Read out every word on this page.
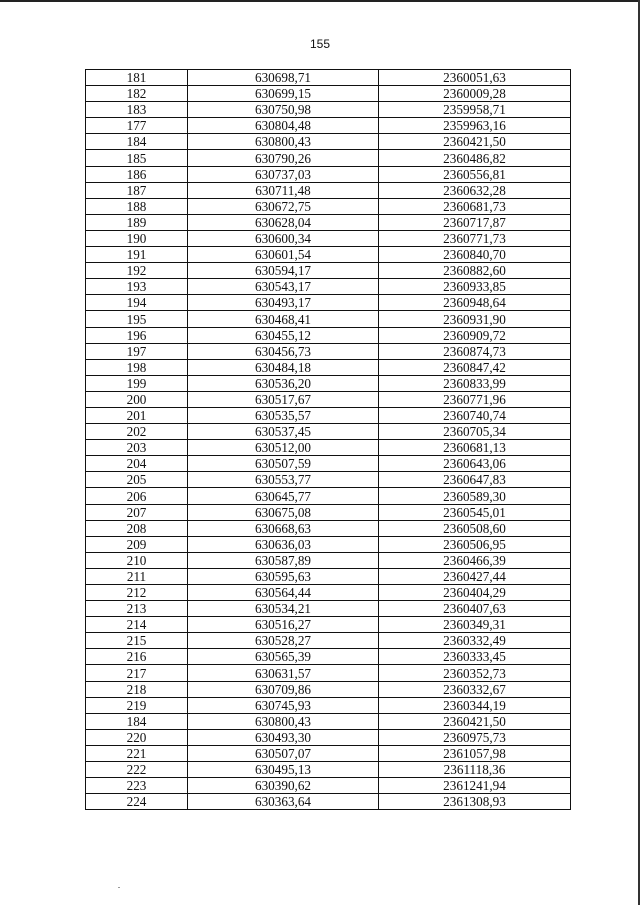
155
181	630698,71	2360051,63
182	630699,15	2360009,28
183	630750,98	2359958,71
177	630804,48	2359963,16
184	630800,43	2360421,50
185	630790,26	2360486,82
186	630737,03	2360556,81
187	630711,48	2360632,28
188	630672,75	2360681,73
189	630628,04	2360717,87
190	630600,34	2360771,73
191	630601,54	2360840,70
192	630594,17	2360882,60
193	630543,17	2360933,85
194	630493,17	2360948,64
195	630468,41	2360931,90
196	630455,12	2360909,72
197	630456,73	2360874,73
198	630484,18	2360847,42
199	630536,20	2360833,99
200	630517,67	2360771,96
201	630535,57	2360740,74
202	630537,45	2360705,34
203	630512,00	2360681,13
204	630507,59	2360643,06
205	630553,77	2360647,83
206	630645,77	2360589,30
207	630675,08	2360545,01
208	630668,63	2360508,60
209	630636,03	2360506,95
210	630587,89	2360466,39
211	630595,63	2360427,44
212	630564,44	2360404,29
213	630534,21	2360407,63
214	630516,27	2360349,31
215	630528,27	2360332,49
216	630565,39	2360333,45
217	630631,57	2360352,73
218	630709,86	2360332,67
219	630745,93	2360344,19
184	630800,43	2360421,50
220	630493,30	2360975,73
221	630507,07	2361057,98
222	630495,13	2361118,36
223	630390,62	2361241,94
224	630363,64	2361308,93
